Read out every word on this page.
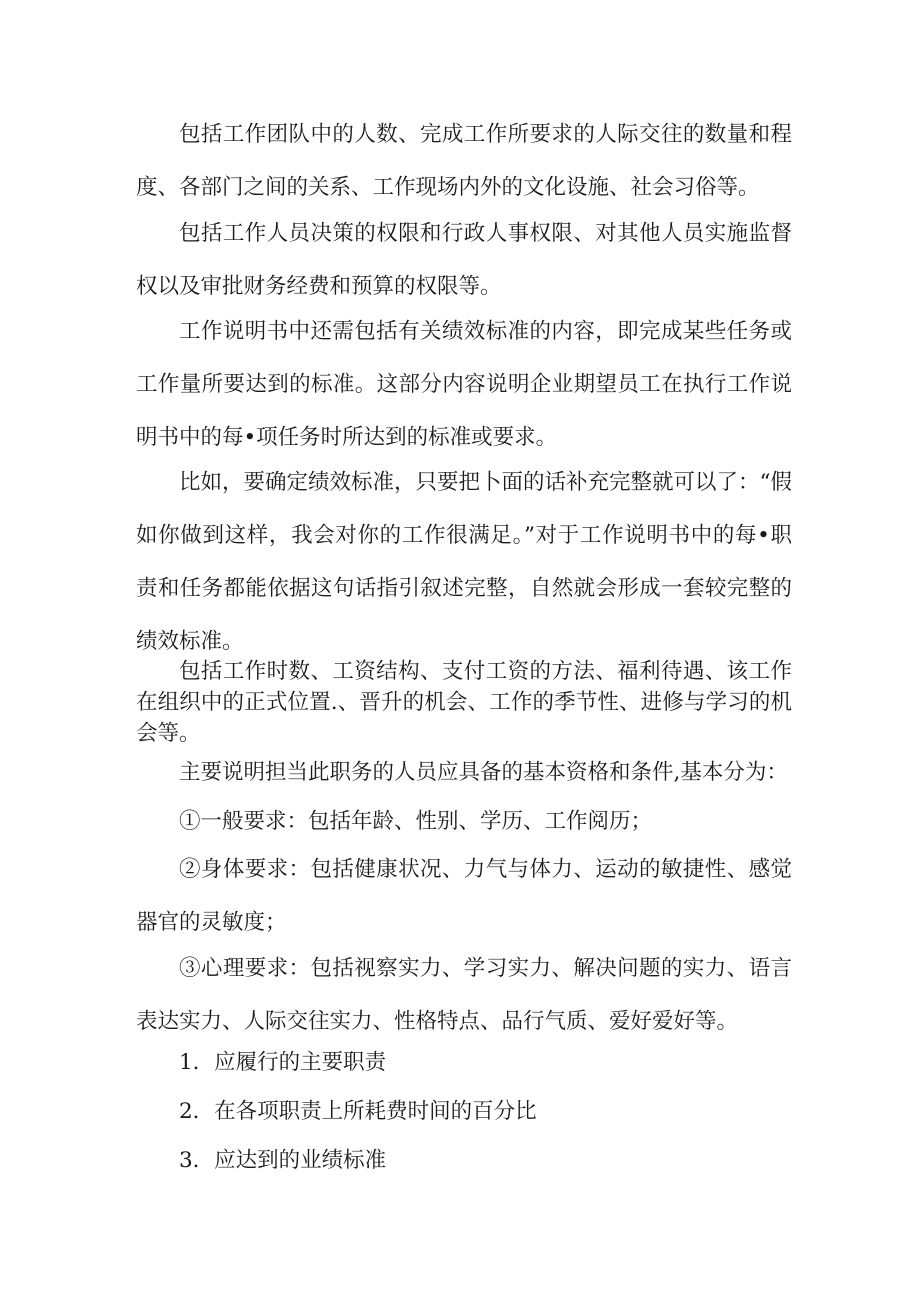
包括工作团队中的人数、完成工作所要求的人际交往的数量和程度、各部门之间的关系、工作现场内外的文化设施、社会习俗等。

包括工作人员决策的权限和行政人事权限、对其他人员实施监督权以及审批财务经费和预算的权限等。

工作说明书中还需包括有关绩效标准的内容，即完成某些任务或工作量所要达到的标准。这部分内容说明企业期望员工在执行工作说明书中的每•项任务时所达到的标准或要求。

比如，要确定绩效标准，只要把卜面的话补充完整就可以了：“假如你做到这样，我会对你的工作很满足。”对于工作说明书中的每•职责和任务都能依据这句话指引叙述完整，自然就会形成一套较完整的绩效标准。

包括工作时数、工资结构、支付工资的方法、福利待遇、该工作在组织中的正式位置.、晋升的机会、工作的季节性、进修与学习的机会等。

主要说明担当此职务的人员应具备的基本资格和条件,基本分为：

①一般要求：包括年龄、性别、学历、工作阅历；

②身体要求：包括健康状况、力气与体力、运动的敏捷性、感觉器官的灵敏度；

③心理要求：包括视察实力、学习实力、解决问题的实力、语言表达实力、人际交往实力、性格特点、品行气质、爱好爱好等。

1．应履行的主要职责

2．在各项职责上所耗费时间的百分比

3．应达到的业绩标准
